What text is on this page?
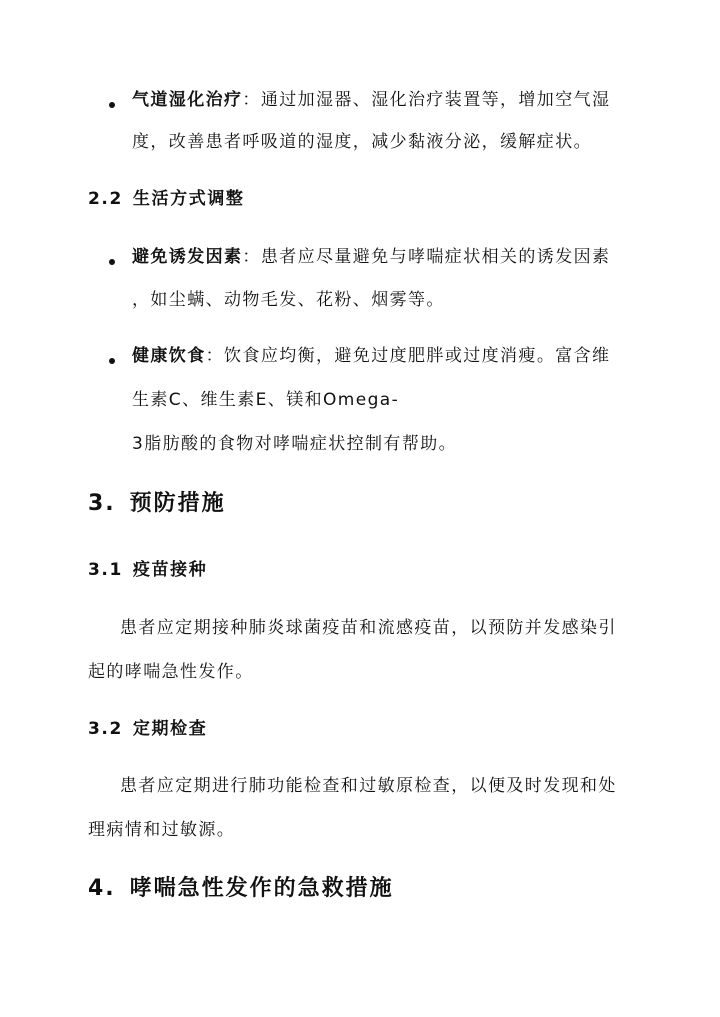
气道湿化治疗：通过加湿器、湿化治疗装置等，增加空气湿
度，改善患者呼吸道的湿度，减少黏液分泌，缓解症状。
2.2 生活方式调整
避免诱发因素：患者应尽量避免与哮喘症状相关的诱发因素
，如尘螨、动物毛发、花粉、烟雾等。
健康饮食：饮食应均衡，避免过度肥胖或过度消瘦。富含维
生素C、维生素E、镁和Omega-
3脂肪酸的食物对哮喘症状控制有帮助。
3. 预防措施
3.1 疫苗接种
患者应定期接种肺炎球菌疫苗和流感疫苗，以预防并发感染引
起的哮喘急性发作。
3.2 定期检查
患者应定期进行肺功能检查和过敏原检查，以便及时发现和处
理病情和过敏源。
4. 哮喘急性发作的急救措施
